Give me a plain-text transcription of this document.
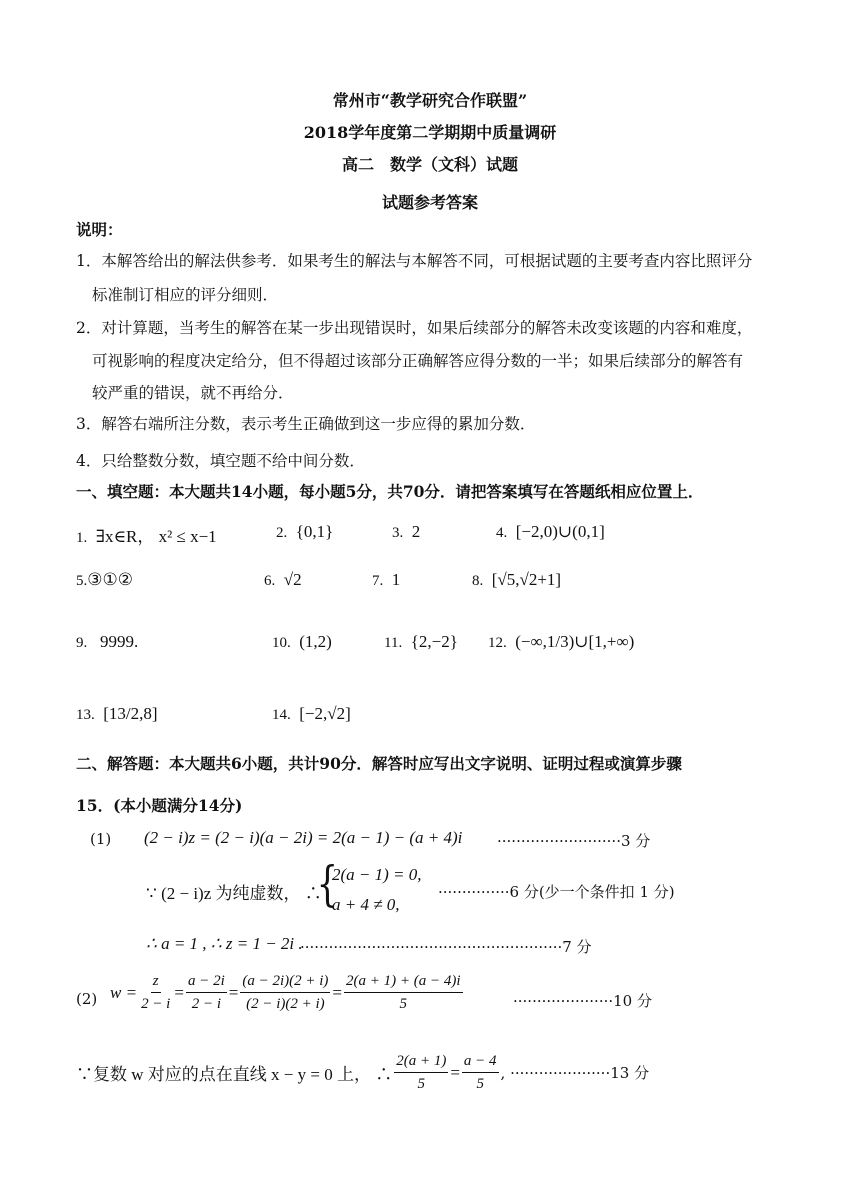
常州市“教学研究合作联盟”
2018学年度第二学期期中质量调研
高二　数学（文科）试题
试题参考答案
说明：
1．本解答给出的解法供参考．如果考生的解法与本解答不同，可根据试题的主要考查内容比照评分
标准制订相应的评分细则．
2．对计算题，当考生的解答在某一步出现错误时，如果后续部分的解答未改变该题的内容和难度，
可视影响的程度决定给分，但不得超过该部分正确解答应得分数的一半；如果后续部分的解答有
较严重的错误，就不再给分．
3．解答右端所注分数，表示考生正确做到这一步应得的累加分数．
4．只给整数分数，填空题不给中间分数．
一、填空题：本大题共14小题，每小题5分，共70分．请把答案填写在答题纸相应位置上．
1. ∃x∈R， x² ≤ x−1	2. {0,1}	3. 2	4. [−2,0)∪(0,1]
5.③①②	6. √2	7. 1	8. [√5,√2+1]
9. 9999.	10. (1,2)	11. {2,−2} 12. (−∞,1/3)∪[1,+∞)
13. [13/2,8]	14. [−2,√2]
二、解答题：本大题共6小题，共计90分．解答时应写出文字说明、证明过程或演算步骤
15．(本小题满分14分)
(1) (2 − i)z = (2 − i)(a − 2i) = 2(a − 1) − (a + 4)i ··························3 分
∵ (2 − i)z 为纯虚数， ∴
{
2(a − 1) = 0,
a + 4 ≠ 0,
···············6 分(少一个条件扣 1 分)
∴ a = 1 , ∴ z = 1 − 2i .
·······················································7 分
(2) $w = \frac{z}{2 - i} = \frac{a - 2i}{2 - i} = \frac{(a - 2i)(2 + i)}{(2 - i)(2 + i)} = \frac{2(a + 1) + (a - 4)i}{5}$	·····················10 分
∵复数 w 对应的点在直线 x − y = 0 上， ∴ $\frac{2(a + 1)}{5} = \frac{a - 4}{5}$ , ·····················13 分
